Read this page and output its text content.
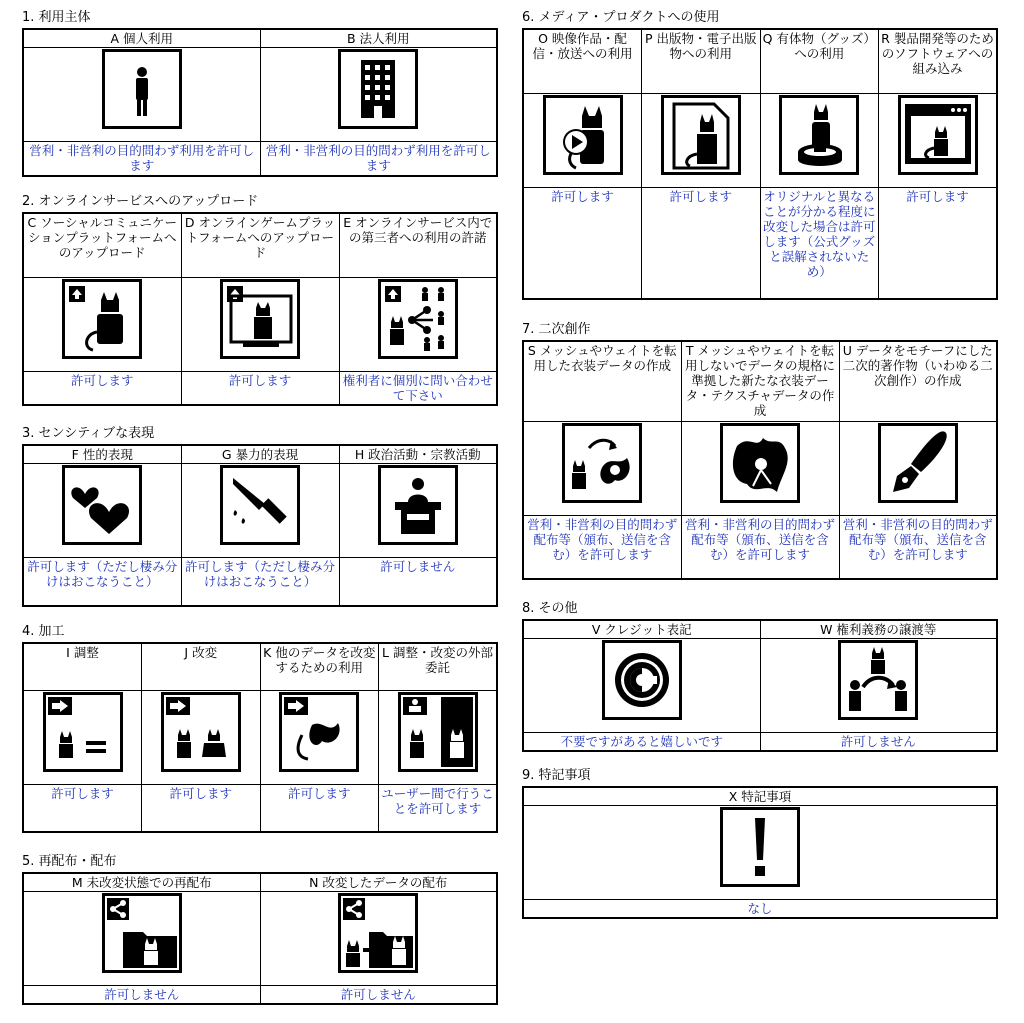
1. 利用主体
A 個人利用	B 法人利用

営利・非営利の目的問わず利用を許可します	営利・非営利の目的問わず利用を許可します
2. オンラインサービスへのアップロード
C ソーシャルコミュニケーションプラットフォームへのアップロード	D オンラインゲームプラットフォームへのアップロード	E オンラインサービス内での第三者への利用の許諾

許可します	許可します	権利者に個別に問い合わせて下さい
3. センシティブな表現
F 性的表現	G 暴力的表現	H 政治活動・宗教活動

許可します（ただし棲み分けはおこなうこと）	許可します（ただし棲み分けはおこなうこと）	許可しません
4. 加工
I 調整	J 改変	K 他のデータを改変するための利用	L 調整・改変の外部委託

許可します	許可します	許可します	ユーザー間で行うことを許可します
5. 再配布・配布
M 未改変状態での再配布	N 改変したデータの配布

許可しません	許可しません
6. メディア・プロダクトへの使用
O 映像作品・配信・放送への利用	P 出版物・電子出版物への利用	Q 有体物（グッズ）への利用	R 製品開発等のためのソフトウェアへの組み込み

許可します	許可します	オリジナルと異なることが分かる程度に改変した場合は許可します（公式グッズと誤解されないため）	許可します
7. 二次創作
S メッシュやウェイトを転用した衣装データの作成	T メッシュやウェイトを転用しないでデータの規格に準拠した新たな衣装データ・テクスチャデータの作成	U データをモチーフにした二次的著作物（いわゆる二次創作）の作成

営利・非営利の目的問わず配布等（頒布、送信を含む）を許可します	営利・非営利の目的問わず配布等（頒布、送信を含む）を許可します	営利・非営利の目的問わず配布等（頒布、送信を含む）を許可します
8. その他
V クレジット表記	W 権利義務の譲渡等

不要ですがあると嬉しいです	許可しません
9. 特記事項
X 特記事項

なし
